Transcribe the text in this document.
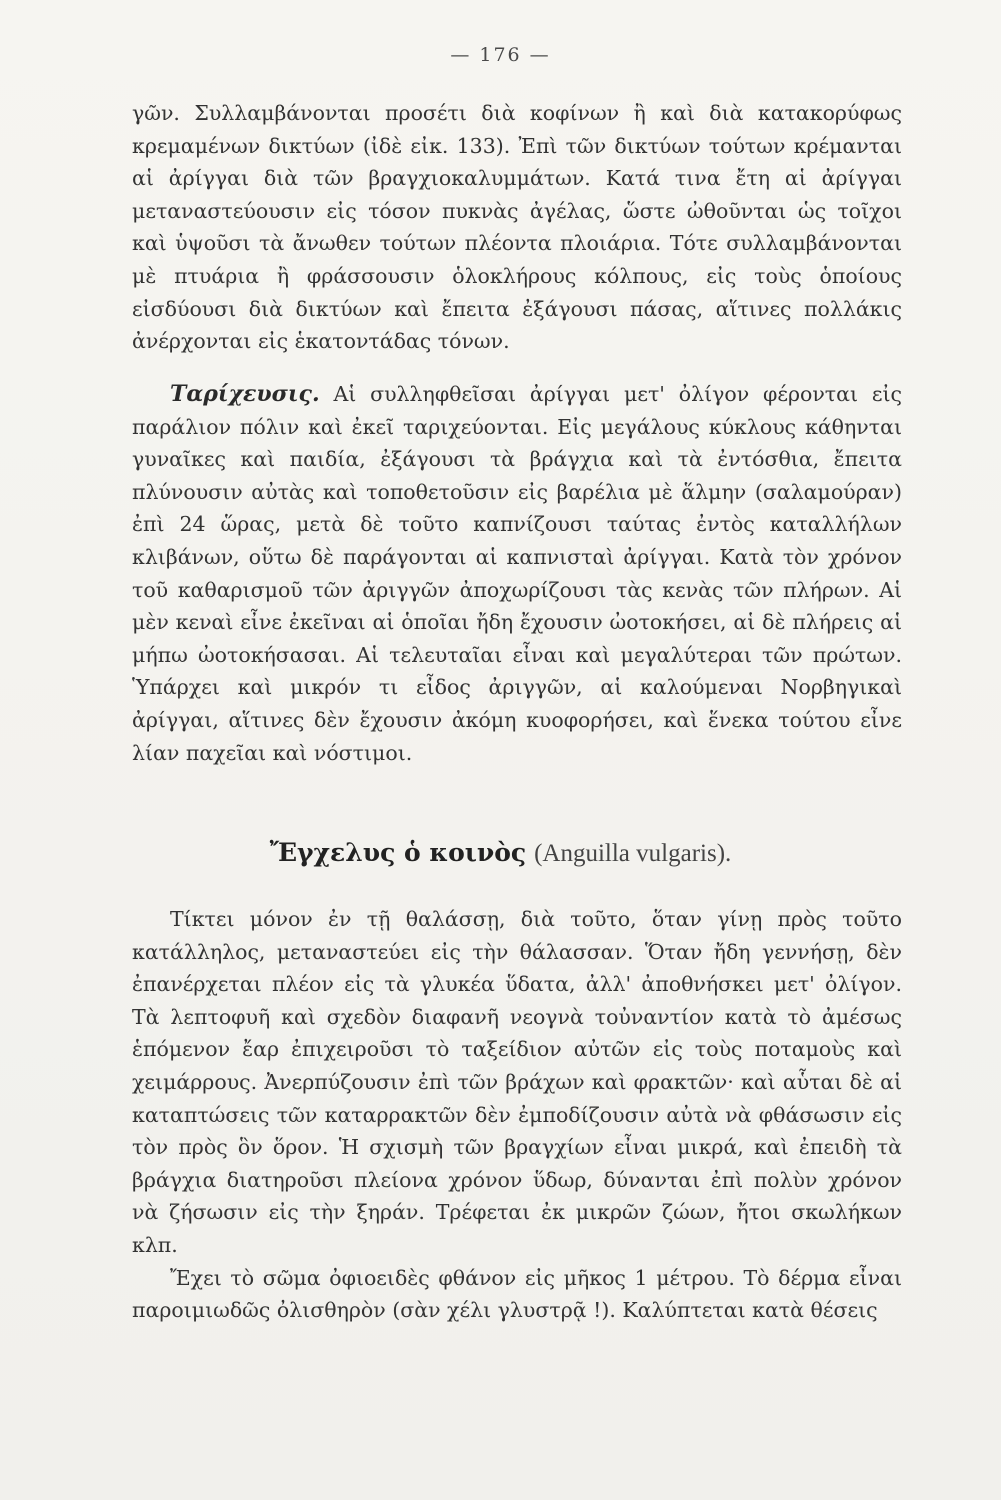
— 176 —

γῶν. Συλλαμβάνονται προσέτι διὰ κοφίνων ἢ καὶ διὰ κατακορύφως κρεμαμένων δικτύων (ἰδὲ εἰκ. 133). Ἐπὶ τῶν δικτύων τούτων κρέμανται αἱ ἀρίγγαι διὰ τῶν βραγχιοκαλυμμάτων. Κατά τινα ἔτη αἱ ἀρίγγαι μεταναστεύουσιν εἰς τόσον πυκνὰς ἀγέλας, ὥστε ὠθοῦνται ὡς τοῖχοι καὶ ὑψοῦσι τὰ ἄνωθεν τούτων πλέοντα πλοιάρια. Τότε συλλαμβάνονται μὲ πτυάρια ἢ φράσσουσιν ὁλοκλήρους κόλπους, εἰς τοὺς ὁποίους εἰσδύουσι διὰ δικτύων καὶ ἔπειτα ἐξάγουσι πάσας, αἵτινες πολλάκις ἀνέρχονται εἰς ἑκατοντάδας τόνων.

Ταρίχευσις. Αἱ συλληφθεῖσαι ἀρίγγαι μετ' ὀλίγον φέρονται εἰς παράλιον πόλιν καὶ ἐκεῖ ταριχεύονται. Εἰς μεγάλους κύκλους κάθηνται γυναῖκες καὶ παιδία, ἐξάγουσι τὰ βράγχια καὶ τὰ ἐντόσθια, ἔπειτα πλύνουσιν αὐτὰς καὶ τοποθετοῦσιν εἰς βαρέλια μὲ ἅλμην (σαλαμούραν) ἐπὶ 24 ὥρας, μετὰ δὲ τοῦτο καπνίζουσι ταύτας ἐντὸς καταλλήλων κλιβάνων, οὕτω δὲ παράγονται αἱ καπνισταὶ ἀρίγγαι. Κατὰ τὸν χρόνον τοῦ καθαρισμοῦ τῶν ἀριγγῶν ἀποχωρίζουσι τὰς κενὰς τῶν πλήρων. Αἱ μὲν κεναὶ εἶνε ἐκεῖναι αἱ ὁποῖαι ἤδη ἔχουσιν ὠοτοκήσει, αἱ δὲ πλήρεις αἱ μήπω ὠοτοκήσασαι. Αἱ τελευταῖαι εἶναι καὶ μεγαλύτεραι τῶν πρώτων. Ὑπάρχει καὶ μικρόν τι εἶδος ἀριγγῶν, αἱ καλούμεναι Νορβηγικαὶ ἀρίγγαι, αἵτινες δὲν ἔχουσιν ἀκόμη κυοφορήσει, καὶ ἕνεκα τούτου εἶνε λίαν παχεῖαι καὶ νόστιμοι.

Ἔγχελυς ὁ κοινὸς (Anguilla vulgaris).

Τίκτει μόνον ἐν τῇ θαλάσσῃ, διὰ τοῦτο, ὅταν γίνῃ πρὸς τοῦτο κατάλληλος, μεταναστεύει εἰς τὴν θάλασσαν. Ὅταν ἤδη γεννήσῃ, δὲν ἐπανέρχεται πλέον εἰς τὰ γλυκέα ὕδατα, ἀλλ' ἀποθνήσκει μετ' ὀλίγον. Τὰ λεπτοφυῆ καὶ σχεδὸν διαφανῆ νεογνὰ τοὐναντίον κατὰ τὸ ἀμέσως ἑπόμενον ἔαρ ἐπιχειροῦσι τὸ ταξείδιον αὐτῶν εἰς τοὺς ποταμοὺς καὶ χειμάρρους. Ἀνερπύζουσιν ἐπὶ τῶν βράχων καὶ φρακτῶν· καὶ αὗται δὲ αἱ καταπτώσεις τῶν καταρρακτῶν δὲν ἐμποδίζουσιν αὐτὰ νὰ φθάσωσιν εἰς τὸν πρὸς ὃν ὅρον. Ἡ σχισμὴ τῶν βραγχίων εἶναι μικρά, καὶ ἐπειδὴ τὰ βράγχια διατηροῦσι πλείονα χρόνον ὕδωρ, δύνανται ἐπὶ πολὺν χρόνον νὰ ζήσωσιν εἰς τὴν ξηράν. Τρέφεται ἐκ μικρῶν ζώων, ἤτοι σκωλήκων κλπ.

Ἔχει τὸ σῶμα ὀφιοειδὲς φθάνον εἰς μῆκος 1 μέτρου. Τὸ δέρμα εἶναι παροιμιωδῶς ὀλισθηρὸν (σὰν χέλι γλυστρᾷ !). Καλύπτεται κατὰ θέσεις
